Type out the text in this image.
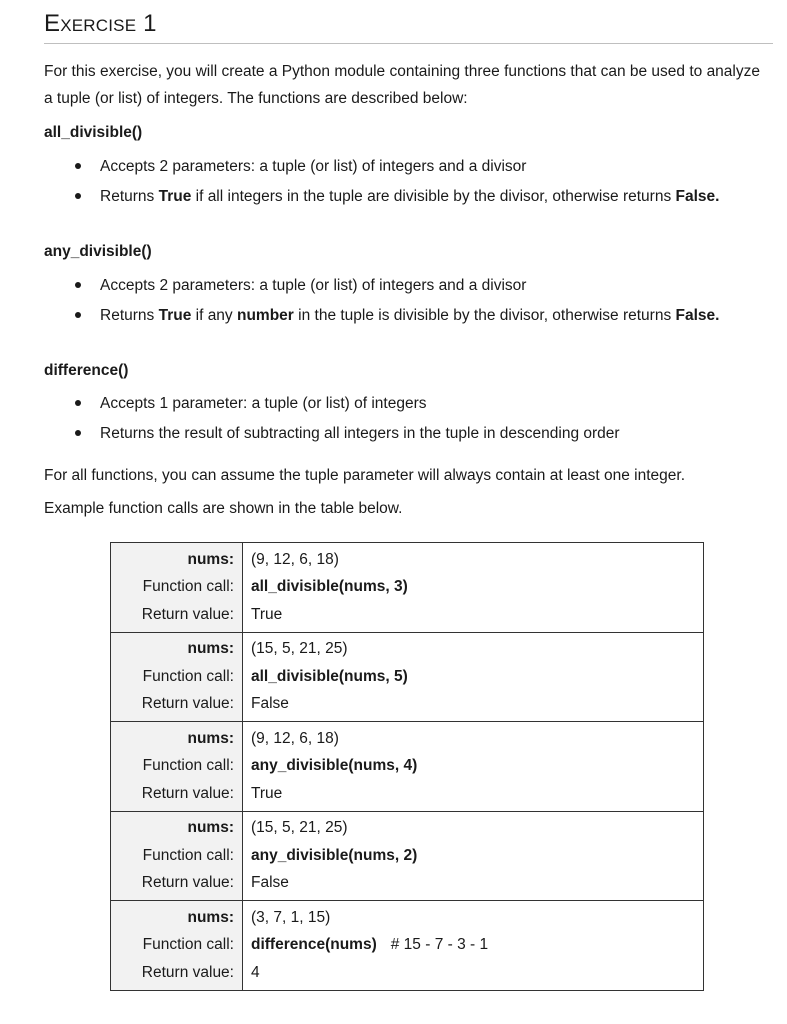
Exercise 1
For this exercise, you will create a Python module containing three functions that can be used to analyze a tuple (or list) of integers. The functions are described below:
all_divisible()
Accepts 2 parameters: a tuple (or list) of integers and a divisor
Returns True if all integers in the tuple are divisible by the divisor, otherwise returns False.
any_divisible()
Accepts 2 parameters: a tuple (or list) of integers and a divisor
Returns True if any number in the tuple is divisible by the divisor, otherwise returns False.
difference()
Accepts 1 parameter: a tuple (or list) of integers
Returns the result of subtracting all integers in the tuple in descending order
For all functions, you can assume the tuple parameter will always contain at least one integer.
Example function calls are shown in the table below.
nums:	(9, 12, 6, 18)
Function call:	all_divisible(nums, 3)
Return value:	True
nums:	(15, 5, 21, 25)
Function call:	all_divisible(nums, 5)
Return value:	False
nums:	(9, 12, 6, 18)
Function call:	any_divisible(nums, 4)
Return value:	True
nums:	(15, 5, 21, 25)
Function call:	any_divisible(nums, 2)
Return value:	False
nums:	(3, 7, 1, 15)
Function call:	difference(nums) # 15 - 7 - 3 - 1
Return value:	4
